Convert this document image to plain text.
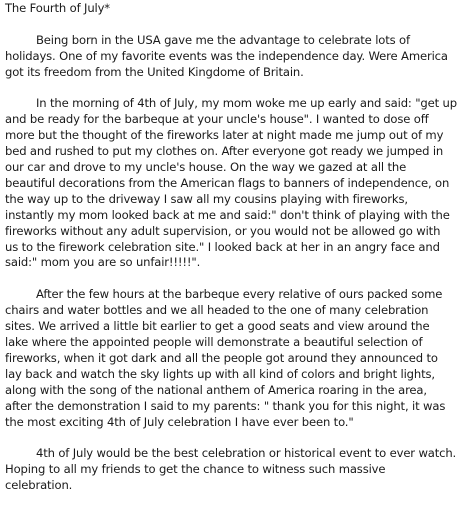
The Fourth of July*

Being born in the USA gave me the advantage to celebrate lots of
holidays. One of my favorite events was the independence day. Were America
got its freedom from the United Kingdome of Britain.

In the morning of 4th of July, my mom woke me up early and said: "get up
and be ready for the barbeque at your uncle's house". I wanted to dose off
more but the thought of the fireworks later at night made me jump out of my
bed and rushed to put my clothes on. After everyone got ready we jumped in
our car and drove to my uncle's house. On the way we gazed at all the
beautiful decorations from the American flags to banners of independence, on
the way up to the driveway I saw all my cousins playing with fireworks,
instantly my mom looked back at me and said:" don't think of playing with the
fireworks without any adult supervision, or you would not be allowed go with
us to the firework celebration site." I looked back at her in an angry face and
said:" mom you are so unfair!!!!!".

After the few hours at the barbeque every relative of ours packed some
chairs and water bottles and we all headed to the one of many celebration
sites. We arrived a little bit earlier to get a good seats and view around the
lake where the appointed people will demonstrate a beautiful selection of
fireworks, when it got dark and all the people got around they announced to
lay back and watch the sky lights up with all kind of colors and bright lights,
along with the song of the national anthem of America roaring in the area,
after the demonstration I said to my parents: " thank you for this night, it was
the most exciting 4th of July celebration I have ever been to."

4th of July would be the best celebration or historical event to ever watch.
Hoping to all my friends to get the chance to witness such massive
celebration.
